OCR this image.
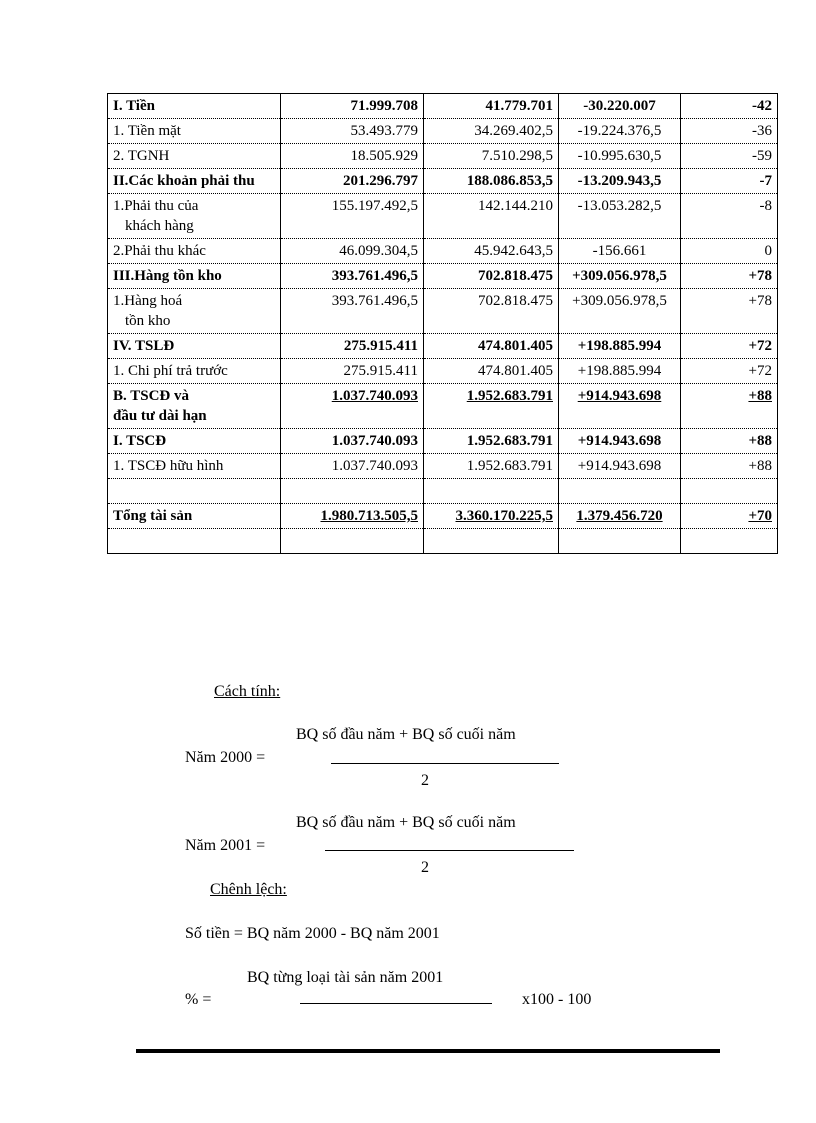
I. Tiền	71.999.708	41.779.701	-30.220.007	-42

1. Tiền mặt	53.493.779	34.269.402,5	-19.224.376,5	-36

2. TGNH	18.505.929	7.510.298,5	-10.995.630,5	-59

II.Các khoản phải thu	201.296.797	188.086.853,5	-13.209.943,5	-7

1.Phải thu của
khách hàng	155.197.492,5	142.144.210	-13.053.282,5	-8

2.Phải thu khác	46.099.304,5	45.942.643,5	-156.661	0

III.Hàng tồn kho	393.761.496,5	702.818.475	+309.056.978,5	+78

1.Hàng hoá
tồn kho	393.761.496,5	702.818.475	+309.056.978,5	+78

IV. TSLĐ	275.915.411	474.801.405	+198.885.994	+72

1. Chi phí trả trước	275.915.411	474.801.405	+198.885.994	+72

B. TSCĐ và
đầu tư dài hạn	1.037.740.093	1.952.683.791	+914.943.698	+88

I. TSCĐ	1.037.740.093	1.952.683.791	+914.943.698	+88

1. TSCĐ hữu hình	1.037.740.093	1.952.683.791	+914.943.698	+88

Tổng tài sản	1.980.713.505,5	3.360.170.225,5	1.379.456.720	+70

Cách tính:
BQ số đầu năm + BQ số cuối năm
Năm 2000 =
2
BQ số đầu năm + BQ số cuối năm
Năm 2001 =
2
Chênh lệch:
Số tiền = BQ năm 2000 - BQ năm 2001
BQ từng loại tài sản năm 2001
% =	x100 - 100
